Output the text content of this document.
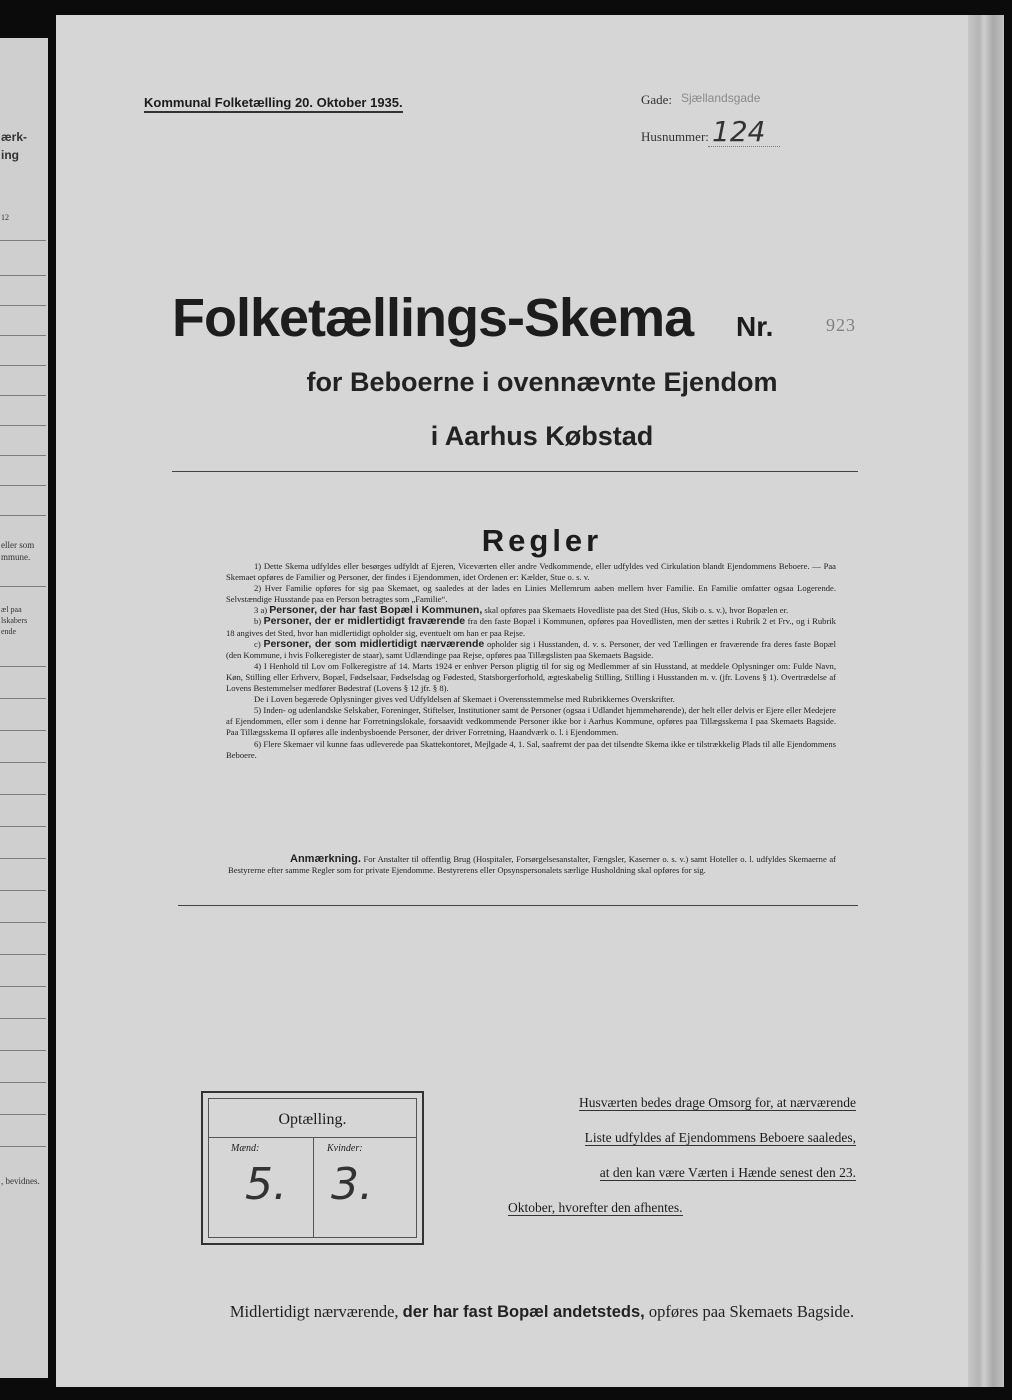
ærk-
ing
12
eller som
mmune.
æl paa
lskabers
ende
, bevidnes.
Kommunal Folketælling 20. Oktober 1935.	Gade: Sjællandsgade
Husnummer: 124
Folketællings-Skema Nr.	923
for Beboerne i ovennævnte Ejendom
i Aarhus Købstad
Regler

1) Dette Skema udfyldes eller besørges udfyldt af Ejeren, Viceværten eller andre Vedkommende, eller udfyldes ved Cirkulation blandt Ejendommens Beboere. — Paa Skemaet opføres de Familier og Personer, der findes i Ejendommen, idet Ordenen er: Kælder, Stue o. s. v.

2) Hver Familie opføres for sig paa Skemaet, og saaledes at der lades en Linies Mellemrum aaben mellem hver Familie. En Familie omfatter ogsaa Logerende. Selvstændige Husstande paa en Person betragtes som „Familie“.

3 a) Personer, der har fast Bopæl i Kommunen, skal opføres paa Skemaets Hovedliste paa det Sted (Hus, Skib o. s. v.), hvor Bopælen er.

b) Personer, der er midlertidigt fraværende fra den faste Bopæl i Kommunen, opføres paa Hovedlisten, men der sættes i Rubrik 2 et Frv., og i Rubrik 18 angives det Sted, hvor han midlertidigt opholder sig, eventuelt om han er paa Rejse.

c) Personer, der som midlertidigt nærværende opholder sig i Husstanden, d. v. s. Personer, der ved Tællingen er fraværende fra deres faste Bopæl (den Kommune, i hvis Folkeregister de staar), samt Udlændinge paa Rejse, opføres paa Tillægslisten paa Skemaets Bagside.

4) I Henhold til Lov om Folkeregistre af 14. Marts 1924 er enhver Person pligtig til for sig og Medlemmer af sin Husstand, at meddele Oplysninger om: Fulde Navn, Køn, Stilling eller Erhverv, Bopæl, Fødselsaar, Fødselsdag og Fødested, Statsborgerforhold, ægteskabelig Stilling, Stilling i Husstanden m. v. (jfr. Lovens § 1). Overtrædelse af Lovens Bestemmelser medfører Bødestraf (Lovens § 12 jfr. § 8).

De i Loven begærede Oplysninger gives ved Udfyldelsen af Skemaet i Overensstemmelse med Rubrikkernes Overskrifter.

5) Inden- og udenlandske Selskaber, Foreninger, Stiftelser, Institutioner samt de Personer (ogsaa i Udlandet hjemmehørende), der helt eller delvis er Ejere eller Medejere af Ejendommen, eller som i denne har Forretningslokale, forsaavidt vedkommende Personer ikke bor i Aarhus Kommune, opføres paa Tillægsskema I paa Skemaets Bagside. Paa Tillægsskema II opføres alle indenbysboende Personer, der driver Forretning, Haandværk o. l. i Ejendommen.

6) Flere Skemaer vil kunne faas udleverede paa Skattekontoret, Mejlgade 4, 1. Sal, saafremt der paa det tilsendte Skema ikke er tilstrækkelig Plads til alle Ejendommens Beboere.

Anmærkning. For Anstalter til offentlig Brug (Hospitaler, Forsørgelsesanstalter, Fængsler, Kaserner o. s. v.) samt Hoteller o. l. udfyldes Skemaerne af Bestyrerne efter samme Regler som for private Ejendomme. Bestyrerens eller Opsynspersonalets særlige Husholdning skal opføres for sig.

Optælling.
Mænd:	Kvinder:
5. 3.

Husværten bedes drage Omsorg for, at nærværende

Liste udfyldes af Ejendommens Beboere saaledes,

at den kan være Værten i Hænde senest den 23.

Oktober, hvorefter den afhentes.

Midlertidigt nærværende, der har fast Bopæl andetsteds, opføres paa Skemaets Bagside.
